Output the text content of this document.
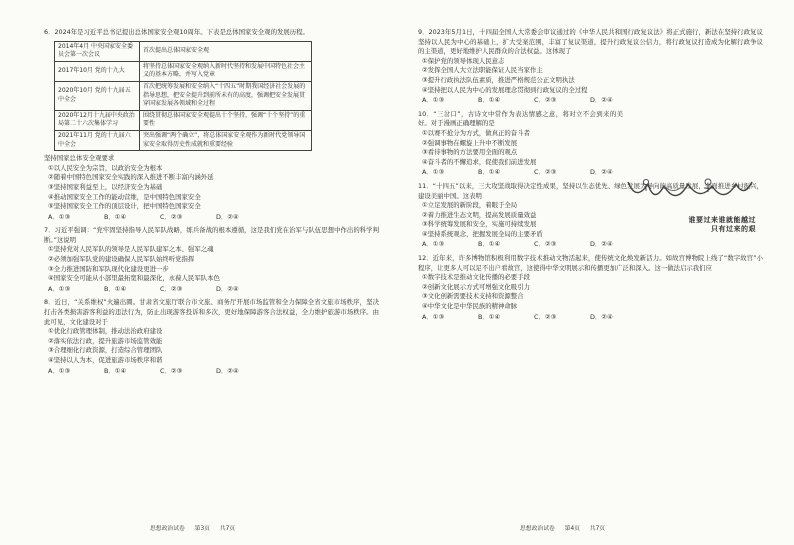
6．2024年是习近平总书记提出总体国家安全观10周年。下表是总体国家安全观的发展历程。

2014年4月 中央国家安全委员会第一次会议	首次提出总体国家安全观
2017年10月 党的十九大	将坚持总体国家安全观纳入新时代坚持和发展中国特色社会主义的基本方略，并写入党章
2020年10月 党的十九届五中全会	首次把统筹发展和安全纳入“十四五”时期我国经济社会发展的指导思想，把安全提升到前所未有的高度，强调把安全发展贯穿国家发展各领域和全过程
2020年12月十九届中央政治局第二十六次集体学习	围绕贯彻总体国家安全观提出十个坚持，强调“十个坚持”的重要性
2021年11月 党的十九届六中全会	突出强调“两个确立”，将总体国家安全观作为新时代党领导国家安全取得历史性成就和重要经验

坚持国家总体安全观要求

①以人民安全为宗旨，以政治安全为根本

②随着中国特色国家安全实践的深入推进不断丰富内涵外延

③坚持国家利益至上，以经济安全为基础

④推动国家安全工作的能动营维，是中国特色国家安全

⑤坚持国家安全工作的顶层设计，把中国特色国家安全

A．①③	B．①④	C．②③	D．②④

7．习近平强调：“党牢固坚持指导人民军队战略，练兵备战的根本遵循，这是我们党在治军与队伍思想中作出的科学判断。”这说明

①坚持党对人民军队的领导是人民军队建军之本、强军之魂

②必须加强军队党的建设确保人民军队始终听党指挥

③全力推进国防和军队现代化建设更进一步

④国家安全可能从小部里最拓宽和最深化，永葆人民军队本色

A．①③	B．①④	C．②③	D．②④

8．近日，“关系维权”火遍出圈。甘肃省文旅厅联合市文旅、商务厅开展市场监管和全力保障全省文旅市场秩序，坚决打击各类损害游客利益的违法行为，防止出现游客投诉和多次，更好地保障游客合法权益，全力维护旅游市场秩序。由此可见，文化建设对于

①优化行政管理体制，推动法治政府建设

②落实依法行政，提升旅游市场监管效能

③合理细化行政资源，打造综合管理团队

④坚持以人为本，促进旅游市场秩序和谐

A．①③	B．①④	C．②③	D．②④
思想政治试卷 第3页 共7页

9．2023年5月1日，十四届全国人大常委会审议通过的《中华人民共和国行政复议法》将正式施行，新法在坚持行政复议坚持以人民为中心的基础上，扩大受案范围，丰富了复议渠道，提升行政复议公信力，将行政复议打造成为化解行政争议的主渠道，更好地维护人民群众的合法权益。这体现了

①保护党的领导体现人民意志

②发挥全国人大立法职能保证人民当家作主

③提升行政执法队伍素质，推进严格规范公正文明执法

④坚持把以人民为中心的发展理念贯彻到行政复议的全过程

A．①③	B．①④	C．②③	D．②④

10．“三岔口”，古诗文中常作为表达情感之意，将对立不会到来的美好。对于漫画正确理解的是

①以赛不抢分为方式，做真正的奋斗者

②强调事物在螺旋上升中不断发展

③看待事物的方法要用全面的观点

④奋斗者的不懈追求，促使我们前进发展

A．①③	B．①④	C．②③	D．②④

11．“十四五”以来，三大攻坚战取得决定性成果，坚持以生态优先、绿色发展为导向的高质量发展，全面推进乡村振兴，建设美丽中国。这表明

①立足发展的新阶段，着眼于全局

②着力推进生态文明，提高发展质量效益

③科学统筹发展和安全，实施可持续发展

④坚持系统观念，把握发展全局的主要矛盾

A．①③	B．①④	C．②③	D．②④

12．近年来，许多博物馆积极利用数字技术推动文物活起来，使传统文化焕发新活力。如故宫博物院上线了“数字故宫”小程序，让更多人可以足不出户看故宫，这使得中华文明展示和传播更加广泛和深入。这一做法启示我们应

①数字技术是推动文化传播的必要手段

②创新文化展示方式可增强文化吸引力

③文化创新需要技术支持和资源整合

④中华文化是中华民族的精神命脉

A．①③	B．①④	C．②③	D．②④
谁要过来谁就能越过
只有过来的艰
思想政治试卷 第4页 共7页
